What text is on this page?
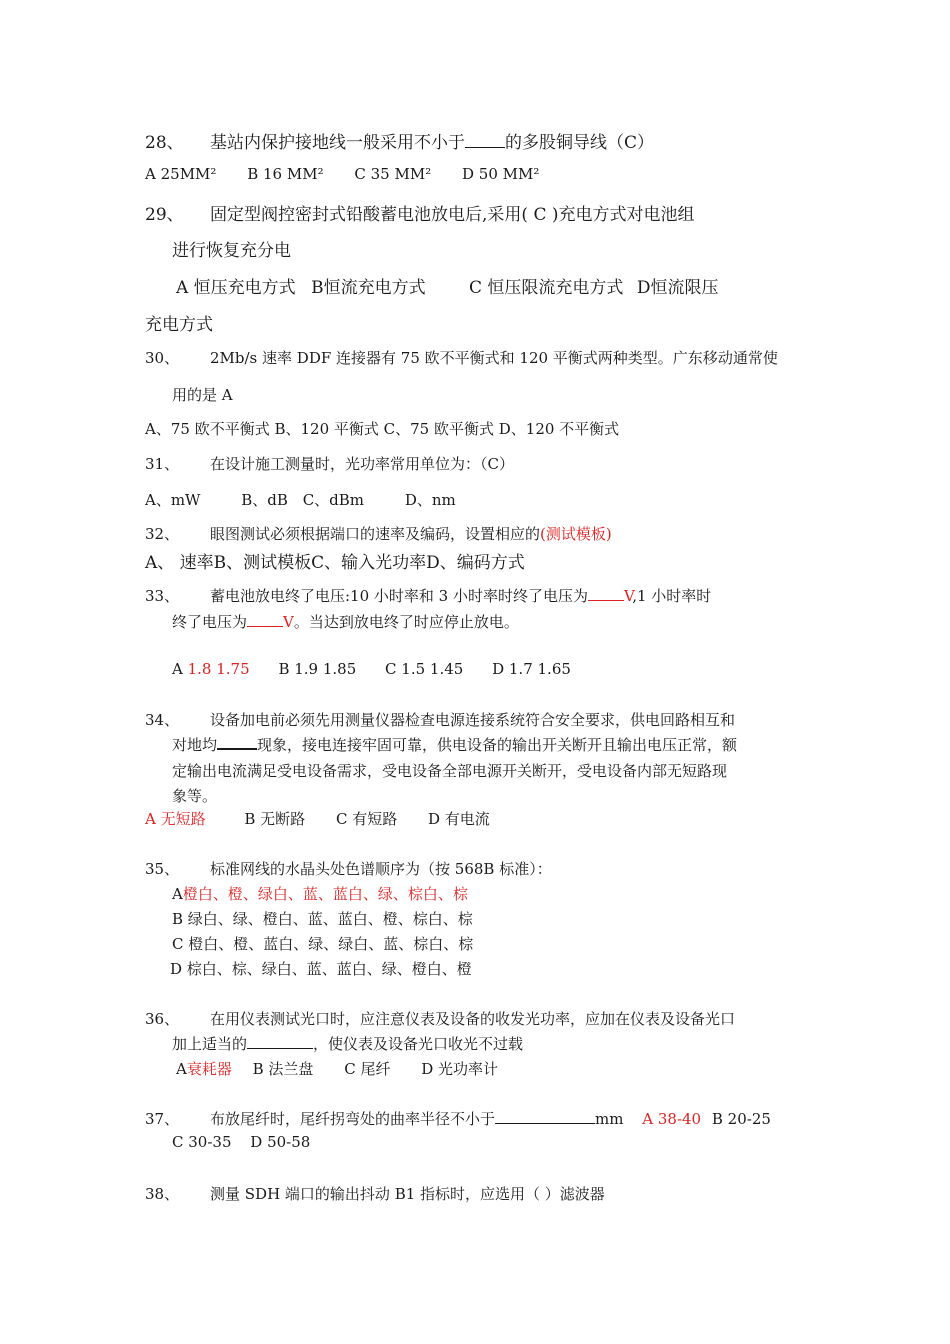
28、 基站内保护接地线一般采用不小于 的多股铜导线（C）
A 25MM² B 16 MM² C 35 MM² D 50 MM²
29、 固定型阀控密封式铅酸蓄电池放电后,采用( C )充电方式对电池组
进行恢复充分电
A 恒压充电方式 B恒流充电方式	C 恒压限流充电方式 D恒流限压
充电方式
30、 2Mb/s 速率 DDF 连接器有 75 欧不平衡式和 120 平衡式两种类型。广东移动通常使
用的是 A
A、75 欧不平衡式 B、120 平衡式 C、75 欧平衡式 D、120 不平衡式
31、 在设计施工测量时，光功率常用单位为：（C）
A、mW	B、dB C、dBm	D、nm
32、 眼图测试必须根据端口的速率及编码，设置相应的(测试模板)
A、 速率B、测试模板C、输入光功率D、编码方式
33、 蓄电池放电终了电压:10 小时率和 3 小时率时终了电压为 V,1 小时率时
终了电压为 V。当达到放电终了时应停止放电。
A 1.8 1.75 B 1.9 1.85 C 1.5 1.45 D 1.7 1.65
34、 设备加电前必须先用测量仪器检查电源连接系统符合安全要求，供电回路相互和
对地均	现象，接电连接牢固可靠，供电设备的输出开关断开且输出电压正常，额
定输出电流满足受电设备需求，受电设备全部电源开关断开，受电设备内部无短路现
象等。
A 无短路	B 无断路 C 有短路 D 有电流
35、 标准网线的水晶头处色谱顺序为（按 568B 标准）：
A橙白、橙、绿白、蓝、蓝白、绿、棕白、棕
B 绿白、绿、橙白、蓝、蓝白、橙、棕白、棕
C 橙白、橙、蓝白、绿、绿白、蓝、棕白、棕
D 棕白、棕、绿白、蓝、蓝白、绿、橙白、橙
36、 在用仪表测试光口时，应注意仪表及设备的收发光功率，应加在仪表及设备光口
加上适当的	，使仪表及设备光口收光不过载
A衰耗器 B 法兰盘 C 尾纤 D 光功率计
37、 布放尾纤时，尾纤拐弯处的曲率半径不小于	mm A 38-40 B 20-25
C 30-35 D 50-58
38、 测量 SDH 端口的输出抖动 B1 指标时，应选用（ ）滤波器
